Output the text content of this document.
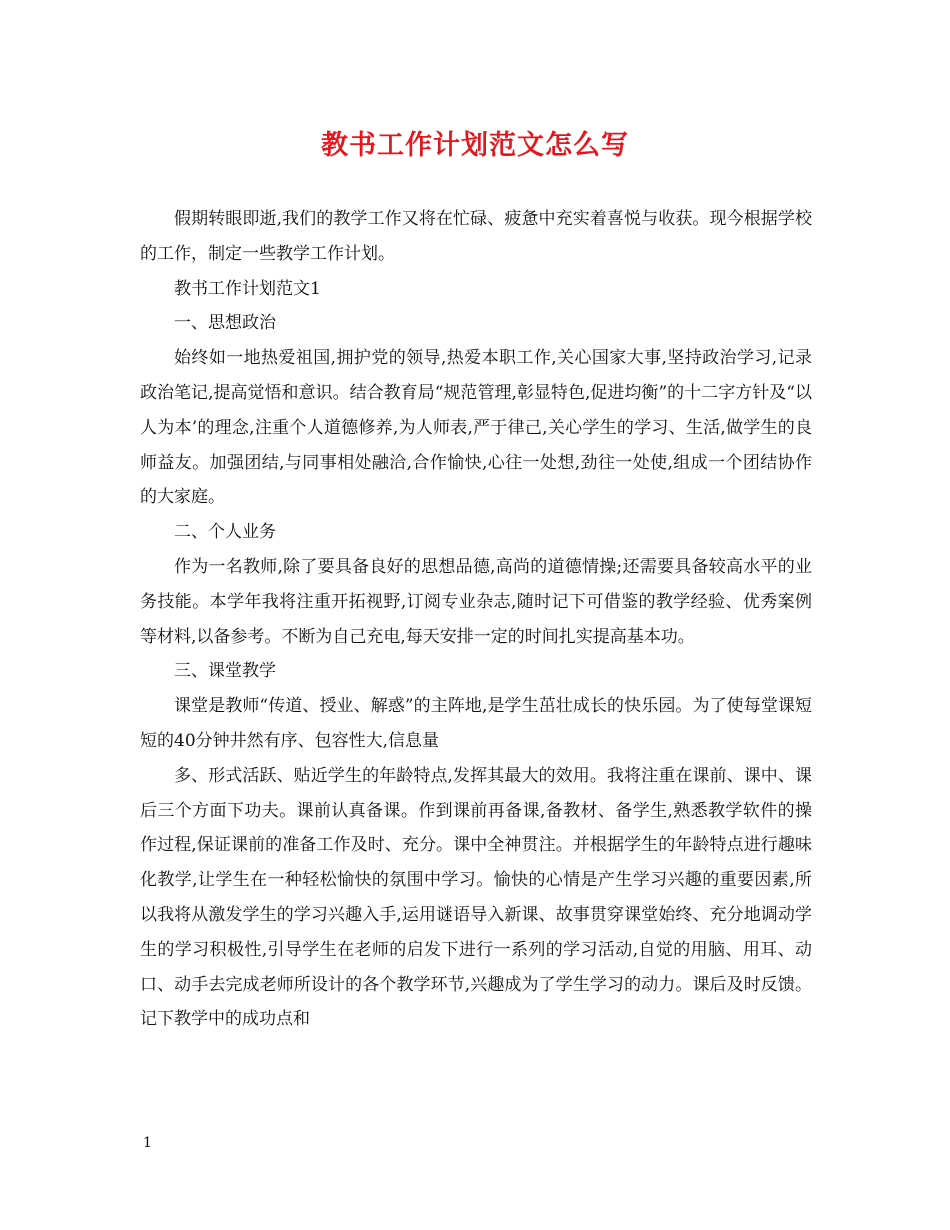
教书工作计划范文怎么写

假期转眼即逝,我们的教学工作又将在忙碌、疲惫中充实着喜悦与收获。现今根据学校的工作，制定一些教学工作计划。

教书工作计划范文1

一、思想政治

始终如一地热爱祖国,拥护党的领导,热爱本职工作,关心国家大事,坚持政治学习,记录政治笔记,提高觉悟和意识。结合教育局“规范管理,彰显特色,促进均衡”的十二字方针及“以人为本’的理念,注重个人道德修养,为人师表,严于律己,关心学生的学习、生活,做学生的良师益友。加强团结,与同事相处融洽,合作愉快,心往一处想,劲往一处使,组成一个团结协作的大家庭。

二、个人业务

作为一名教师,除了要具备良好的思想品德,高尚的道德情操;还需要具备较高水平的业务技能。本学年我将注重开拓视野,订阅专业杂志,随时记下可借鉴的教学经验、优秀案例等材料,以备参考。不断为自己充电,每天安排一定的时间扎实提高基本功。

三、课堂教学

课堂是教师“传道、授业、解惑”的主阵地,是学生茁壮成长的快乐园。为了使每堂课短短的40分钟井然有序、包容性大,信息量

多、形式活跃、贴近学生的年龄特点,发挥其最大的效用。我将注重在课前、课中、课后三个方面下功夫。课前认真备课。作到课前再备课,备教材、备学生,熟悉教学软件的操作过程,保证课前的准备工作及时、充分。课中全神贯注。并根据学生的年龄特点进行趣味化教学,让学生在一种轻松愉快的氛围中学习。愉快的心情是产生学习兴趣的重要因素,所以我将从激发学生的学习兴趣入手,运用谜语导入新课、故事贯穿课堂始终、充分地调动学生的学习积极性,引导学生在老师的启发下进行一系列的学习活动,自觉的用脑、用耳、动口、动手去完成老师所设计的各个教学环节,兴趣成为了学生学习的动力。课后及时反馈。记下教学中的成功点和

1
